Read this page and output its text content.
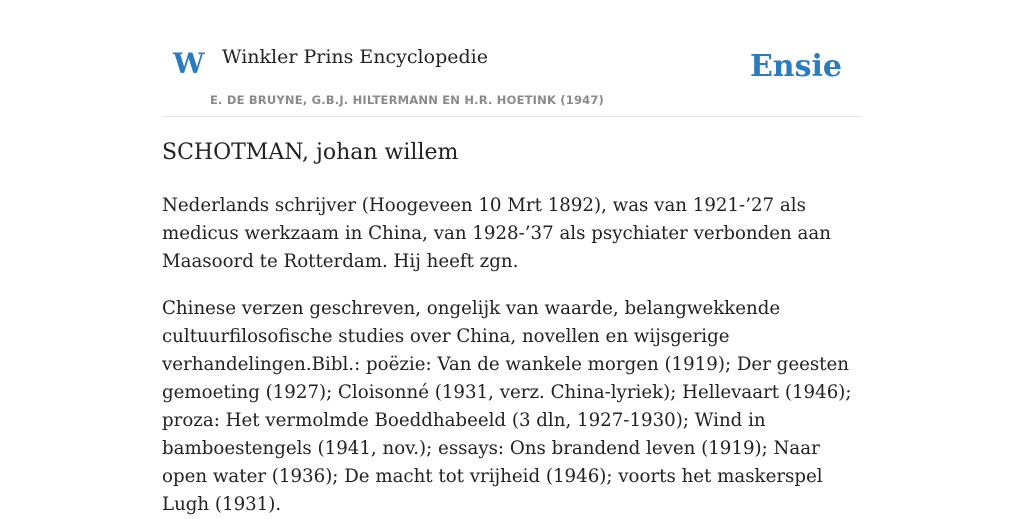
W Winkler Prins Encyclopedie
E. DE BRUYNE, G.B.J. HILTERMANN EN H.R. HOETINK (1947)
Ensie
SCHOTMAN, johan willem

Nederlands schrijver (Hoogeveen 10 Mrt 1892), was van 1921-’27 als medicus werkzaam in China, van 1928-’37 als psychiater verbonden aan Maasoord te Rotterdam. Hij heeft zgn.

Chinese verzen geschreven, ongelijk van waarde, belangwekkende cultuurfilosofische studies over China, novellen en wijsgerige verhandelingen.Bibl.: poëzie: Van de wankele morgen (1919); Der geesten gemoeting (1927); Cloisonné (1931, verz. China-lyriek); Hellevaart (1946); proza: Het vermolmde Boeddhabeeld (3 dln, 1927-1930); Wind in bamboestengels (1941, nov.); essays: Ons brandend leven (1919); Naar open water (1936); De macht tot vrijheid (1946); voorts het maskerspel Lugh (1931).
